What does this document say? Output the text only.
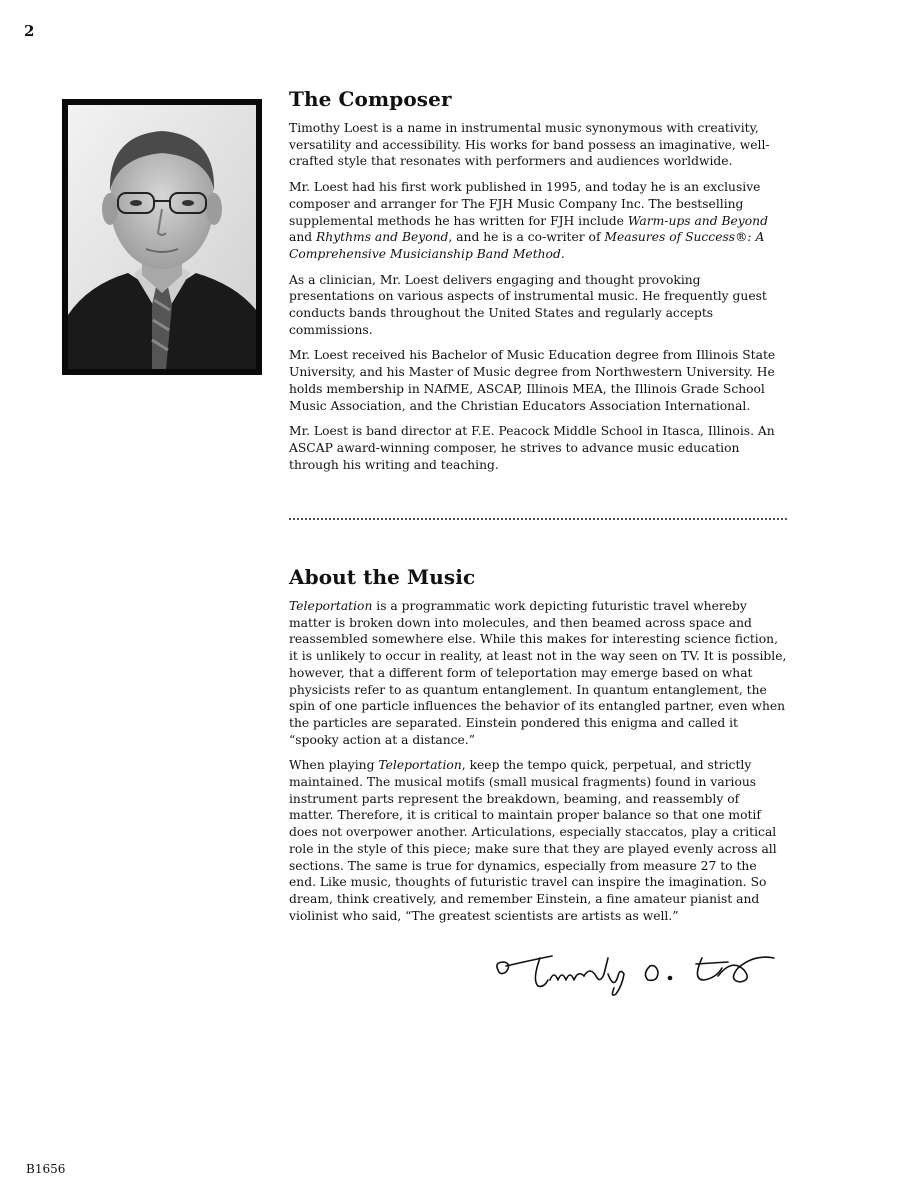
2
The Composer

Timothy Loest is a name in instrumental music synonymous with creativity, versatility and accessibility. His works for band possess an imaginative, well-crafted style that resonates with performers and audiences worldwide.

Mr. Loest had his first work published in 1995, and today he is an exclusive composer and arranger for The FJH Music Company Inc. The bestselling supplemental methods he has written for FJH include Warm-ups and Beyond and Rhythms and Beyond, and he is a co-writer of Measures of Success®: A Comprehensive Musicianship Band Method.

As a clinician, Mr. Loest delivers engaging and thought provoking presentations on various aspects of instrumental music. He frequently guest conducts bands throughout the United States and regularly accepts commissions.

Mr. Loest received his Bachelor of Music Education degree from Illinois State University, and his Master of Music degree from Northwestern University. He holds membership in NAfME, ASCAP, Illinois MEA, the Illinois Grade School Music Association, and the Christian Educators Association International.

Mr. Loest is band director at F.E. Peacock Middle School in Itasca, Illinois. An ASCAP award-winning composer, he strives to advance music education through his writing and teaching.

About the Music

Teleportation is a programmatic work depicting futuristic travel whereby matter is broken down into molecules, and then beamed across space and reassembled somewhere else. While this makes for interesting science fiction, it is unlikely to occur in reality, at least not in the way seen on TV. It is possible, however, that a different form of teleportation may emerge based on what physicists refer to as quantum entanglement. In quantum entanglement, the spin of one particle influences the behavior of its entangled partner, even when the particles are separated. Einstein pondered this enigma and called it “spooky action at a distance.”

When playing Teleportation, keep the tempo quick, perpetual, and strictly maintained. The musical motifs (small musical fragments) found in various instrument parts represent the breakdown, beaming, and reassembly of matter. Therefore, it is critical to maintain proper balance so that one motif does not overpower another. Articulations, especially staccatos, play a critical role in the style of this piece; make sure that they are played evenly across all sections. The same is true for dynamics, especially from measure 27 to the end. Like music, thoughts of futuristic travel can inspire the imagination. So dream, think creatively, and remember Einstein, a fine amateur pianist and violinist who said, “The greatest scientists are artists as well.”

B1656
